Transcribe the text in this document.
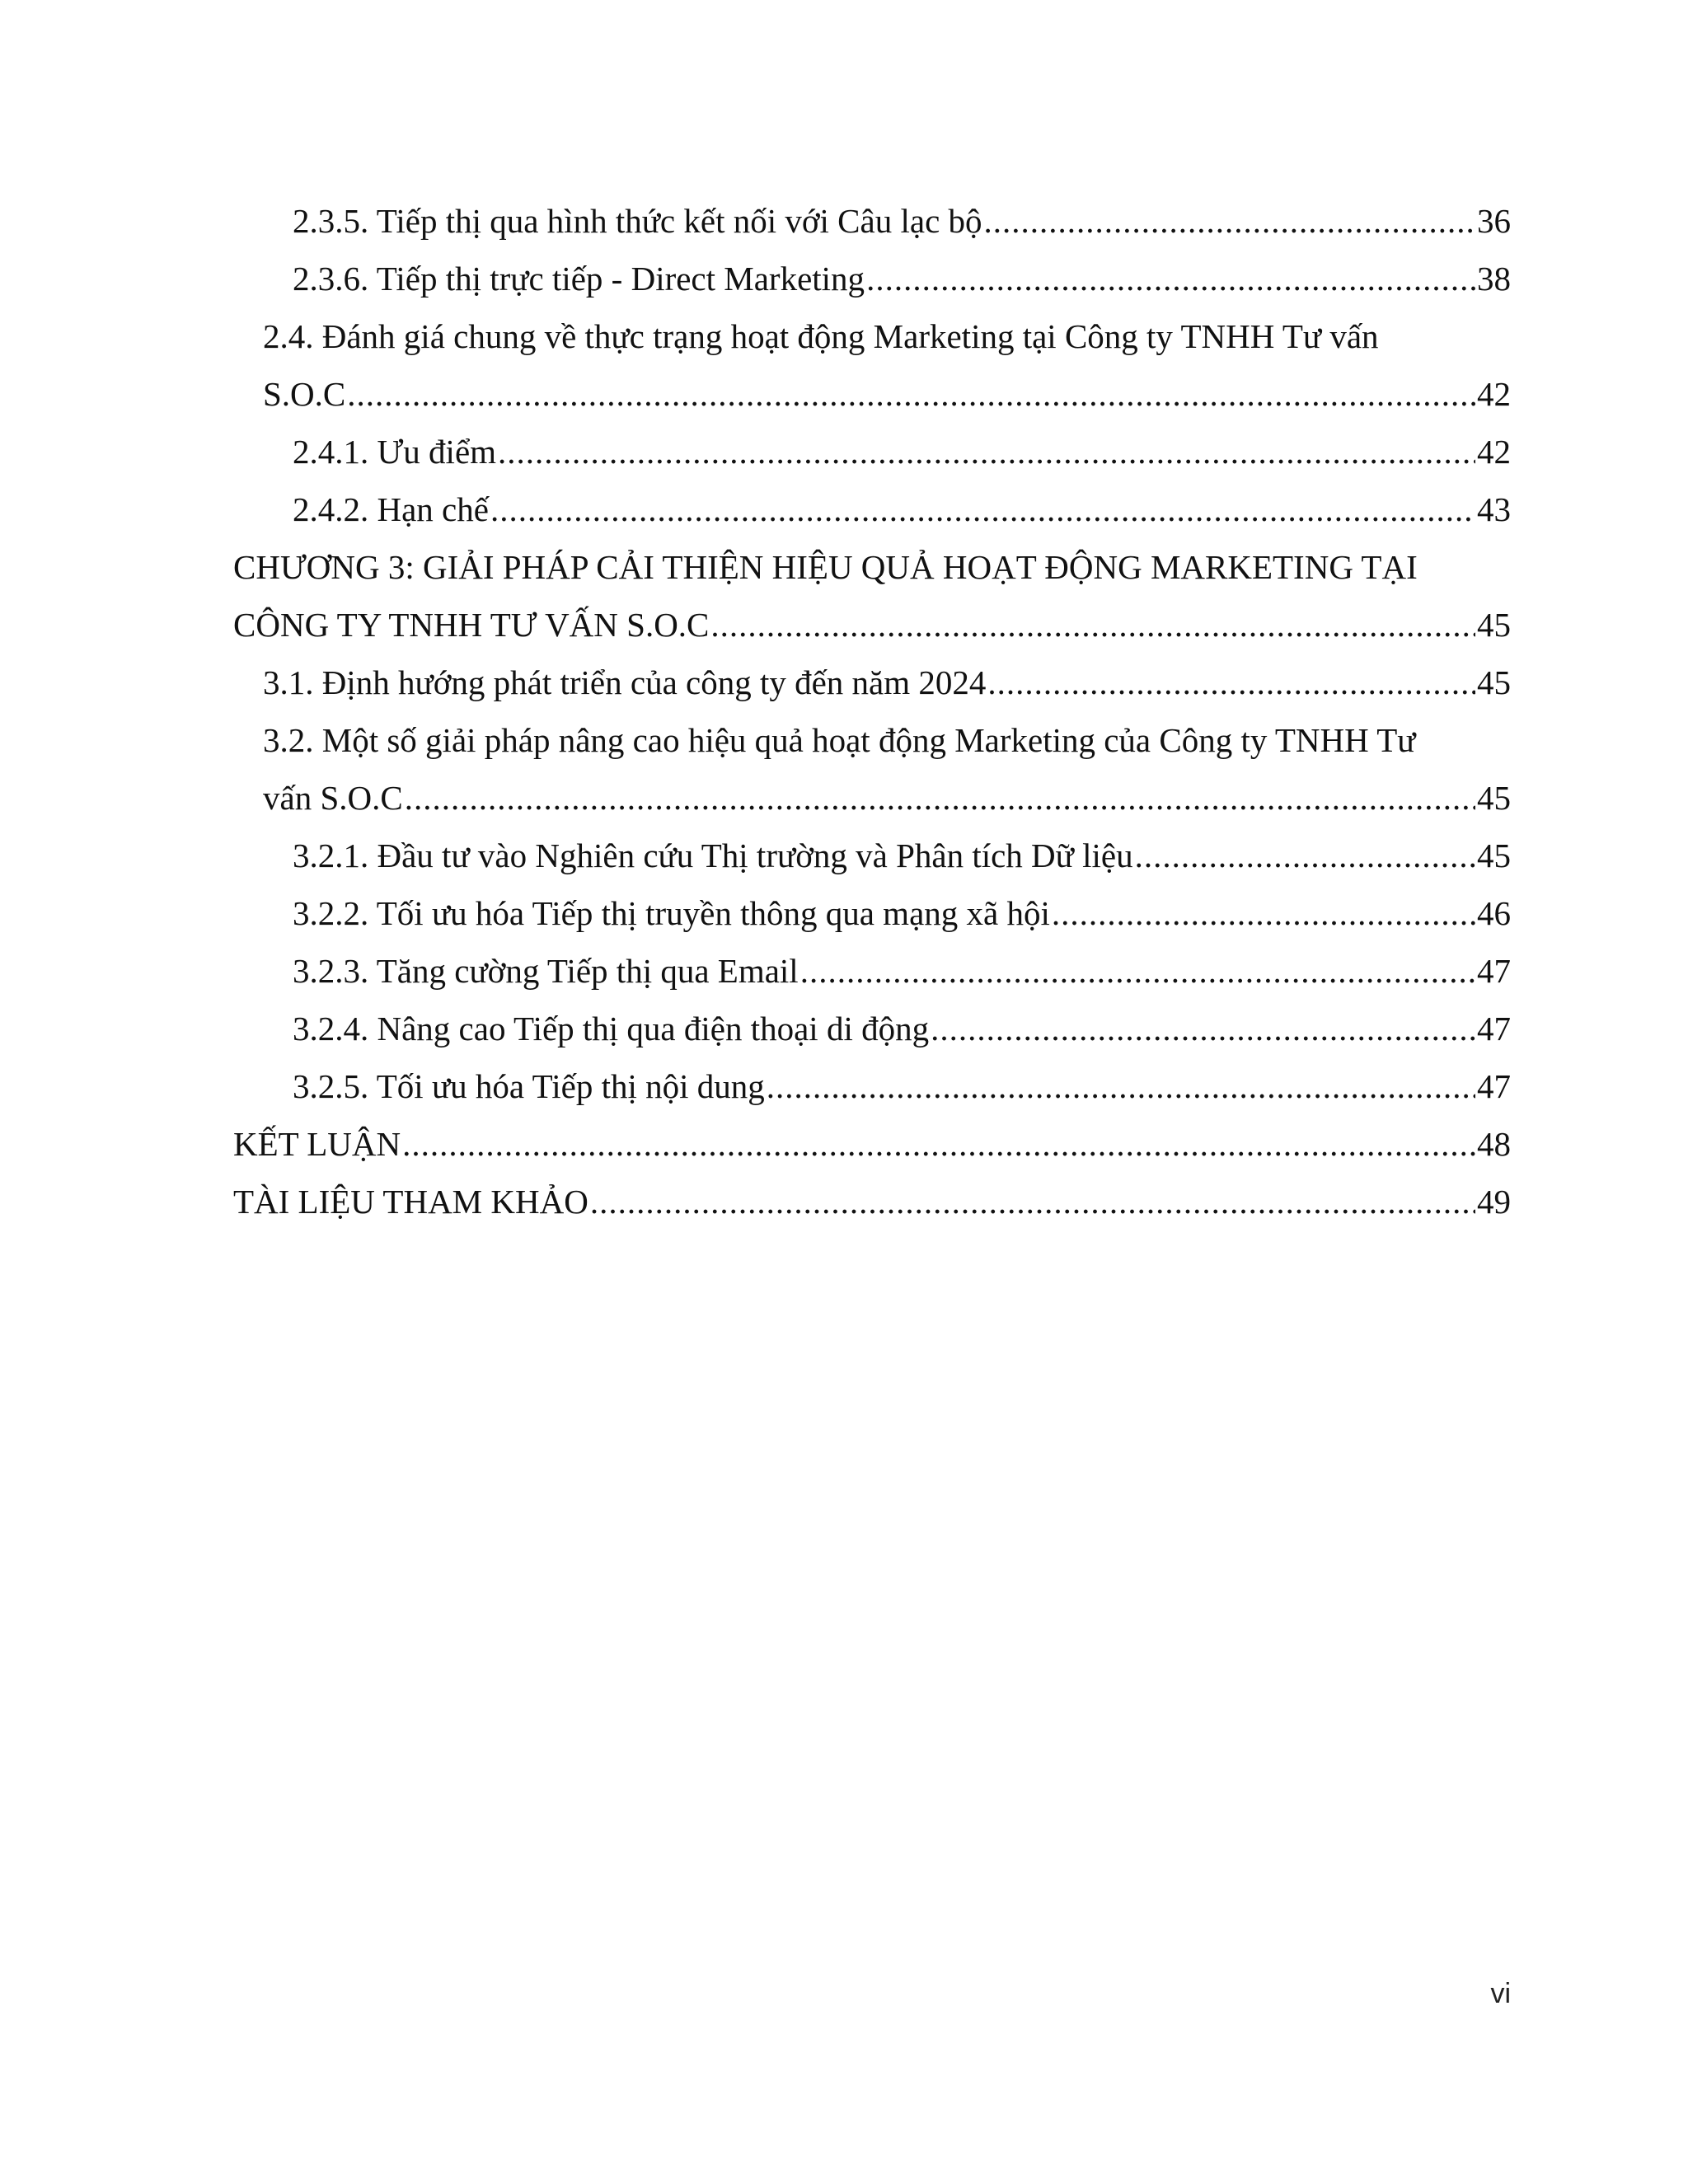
2.3.5. Tiếp thị qua hình thức kết nối với Câu lạc bộ .....	36
2.3.6. Tiếp thị trực tiếp - Direct Marketing .....	38
2.4. Đánh giá chung về thực trạng hoạt động Marketing tại Công ty TNHH Tư vấn
S.O.C .....	42
2.4.1. Ưu điểm .....	42
2.4.2. Hạn chế .....	43
CHƯƠNG 3: GIẢI PHÁP CẢI THIỆN HIỆU QUẢ HOẠT ĐỘNG MARKETING TẠI
CÔNG TY TNHH TƯ VẤN S.O.C .....	45
3.1. Định hướng phát triển của công ty đến năm 2024 .....	45
3.2. Một số giải pháp nâng cao hiệu quả hoạt động Marketing của Công ty TNHH Tư
vấn S.O.C .....	45
3.2.1. Đầu tư vào Nghiên cứu Thị trường và Phân tích Dữ liệu .....	45
3.2.2. Tối ưu hóa Tiếp thị truyền thông qua mạng xã hội .....	46
3.2.3. Tăng cường Tiếp thị qua Email .....	47
3.2.4. Nâng cao Tiếp thị qua điện thoại di động .....	47
3.2.5. Tối ưu hóa Tiếp thị nội dung .....	47
KẾT LUẬN .....	48
TÀI LIỆU THAM KHẢO .....	49
vi
